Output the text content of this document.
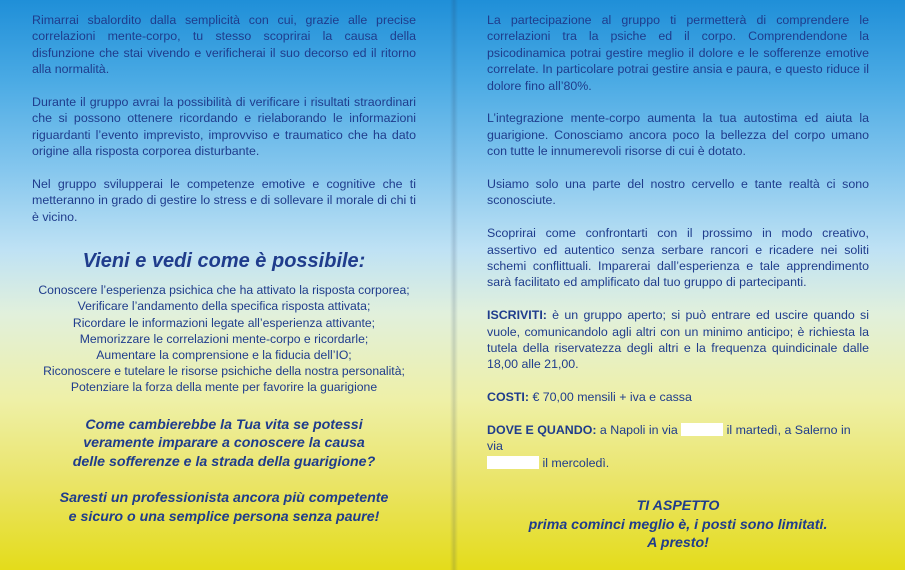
Rimarrai sbalordito dalla semplicità con cui, grazie alle precise correlazioni mente-corpo, tu stesso scoprirai la causa della disfunzione che stai vivendo e verificherai il suo decorso ed il ritorno alla normalità.

Durante il gruppo avrai la possibilità di verificare i risultati straordinari che si possono ottenere ricordando e rielaborando le informazioni riguardanti l’evento imprevisto, improvviso e traumatico che ha dato origine alla risposta corporea disturbante.

Nel gruppo svilupperai le competenze emotive e cognitive che ti metteranno in grado di gestire lo stress e di sollevare il morale di chi ti è vicino.

Vieni e vedi come è possibile:

Conoscere l’esperienza psichica che ha attivato la risposta corporea;
Verificare l’andamento della specifica risposta attivata;
Ricordare le informazioni legate all’esperienza attivante;
Memorizzare le correlazioni mente-corpo e ricordarle;
Aumentare la comprensione e la fiducia dell’IO;
Riconoscere e tutelare le risorse psichiche della nostra personalità;
Potenziare la forza della mente per favorire la guarigione
Come cambierebbe la Tua vita se potessi
veramente imparare a conoscere la causa
delle sofferenze e la strada della guarigione?
Saresti un professionista ancora più competente
e sicuro o una semplice persona senza paure!

La partecipazione al gruppo ti permetterà di comprendere le correlazioni tra la psiche ed il corpo. Comprendendone la psicodinamica potrai gestire meglio il dolore e le sofferenze emotive correlate. In particolare potrai gestire ansia e paura, e questo riduce il dolore fino all’80%.

L’integrazione mente-corpo aumenta la tua autostima ed aiuta la guarigione. Conosciamo ancora poco la bellezza del corpo umano con tutte le innumerevoli risorse di cui è dotato.

Usiamo solo una parte del nostro cervello e tante realtà ci sono sconosciute.

Scoprirai come confrontarti con il prossimo in modo creativo, assertivo ed autentico senza serbare rancori e ricadere nei soliti schemi conflittuali. Imparerai dall’esperienza e tale apprendimento sarà facilitato ed amplificato dal tuo gruppo di partecipanti.

ISCRIVITI: è un gruppo aperto; si può entrare ed uscire quando si vuole, comunicandolo agli altri con un minimo anticipo; è richiesta la tutela della riservatezza degli altri e la frequenza quindicinale dalle 18,00 alle 21,00.

COSTI: € 70,00 mensili + iva e cassa

DOVE E QUANDO: a Napoli in via	il martedì, a Salerno in via
il mercoledì.

TI ASPETTO
prima cominci meglio è, i posti sono limitati.
A presto!
